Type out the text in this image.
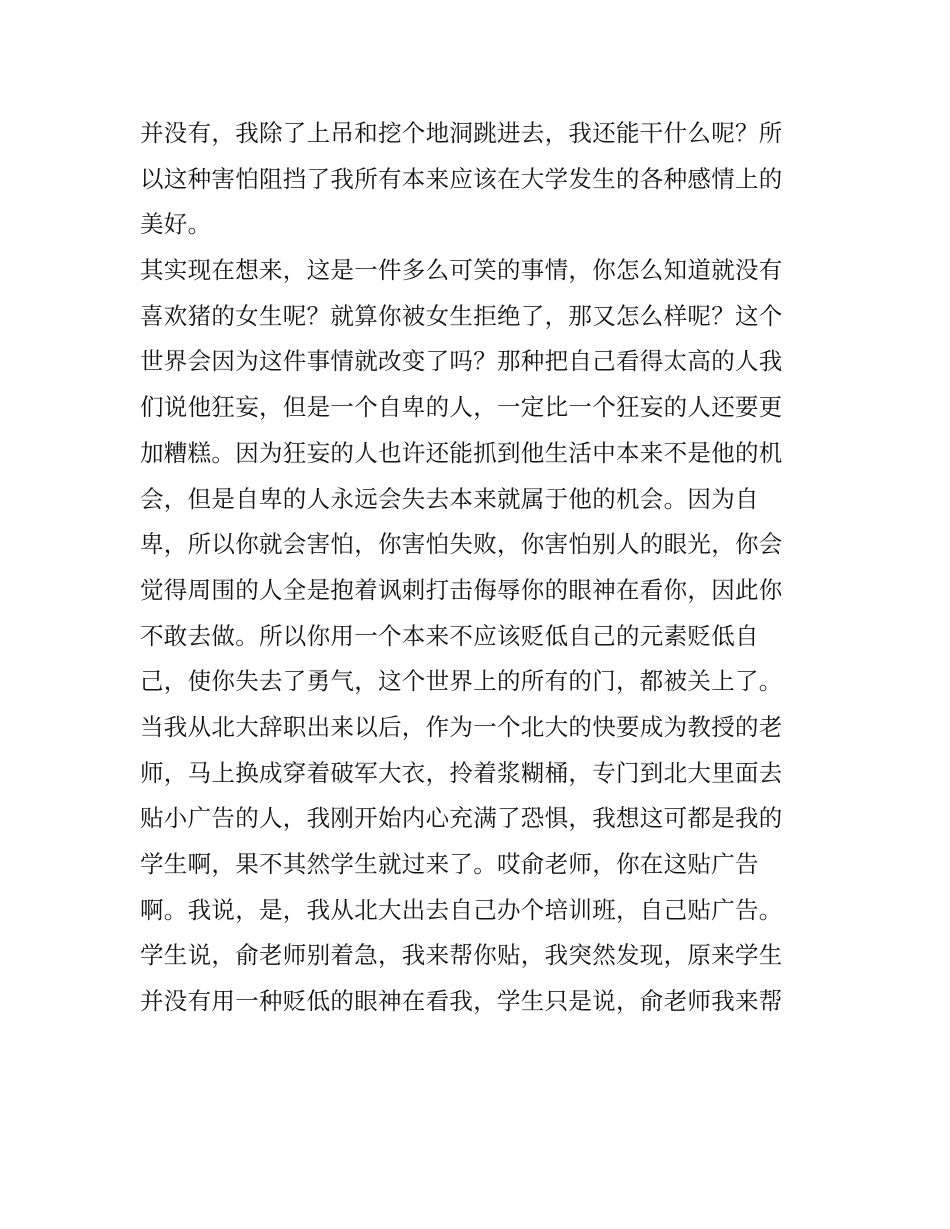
并没有，我除了上吊和挖个地洞跳进去，我还能干什么呢？所
以这种害怕阻挡了我所有本来应该在大学发生的各种感情上的
美好。
其实现在想来，这是一件多么可笑的事情，你怎么知道就没有
喜欢猪的女生呢？就算你被女生拒绝了，那又怎么样呢？这个
世界会因为这件事情就改变了吗？那种把自己看得太高的人我
们说他狂妄，但是一个自卑的人，一定比一个狂妄的人还要更
加糟糕。因为狂妄的人也许还能抓到他生活中本来不是他的机
会，但是自卑的人永远会失去本来就属于他的机会。因为自
卑，所以你就会害怕，你害怕失败，你害怕别人的眼光，你会
觉得周围的人全是抱着讽刺打击侮辱你的眼神在看你，因此你
不敢去做。所以你用一个本来不应该贬低自己的元素贬低自
己，使你失去了勇气，这个世界上的所有的门，都被关上了。
当我从北大辞职出来以后，作为一个北大的快要成为教授的老
师，马上换成穿着破军大衣，拎着浆糊桶，专门到北大里面去
贴小广告的人，我刚开始内心充满了恐惧，我想这可都是我的
学生啊，果不其然学生就过来了。哎俞老师，你在这贴广告
啊。我说，是，我从北大出去自己办个培训班，自己贴广告。
学生说，俞老师别着急，我来帮你贴，我突然发现，原来学生
并没有用一种贬低的眼神在看我，学生只是说，俞老师我来帮
